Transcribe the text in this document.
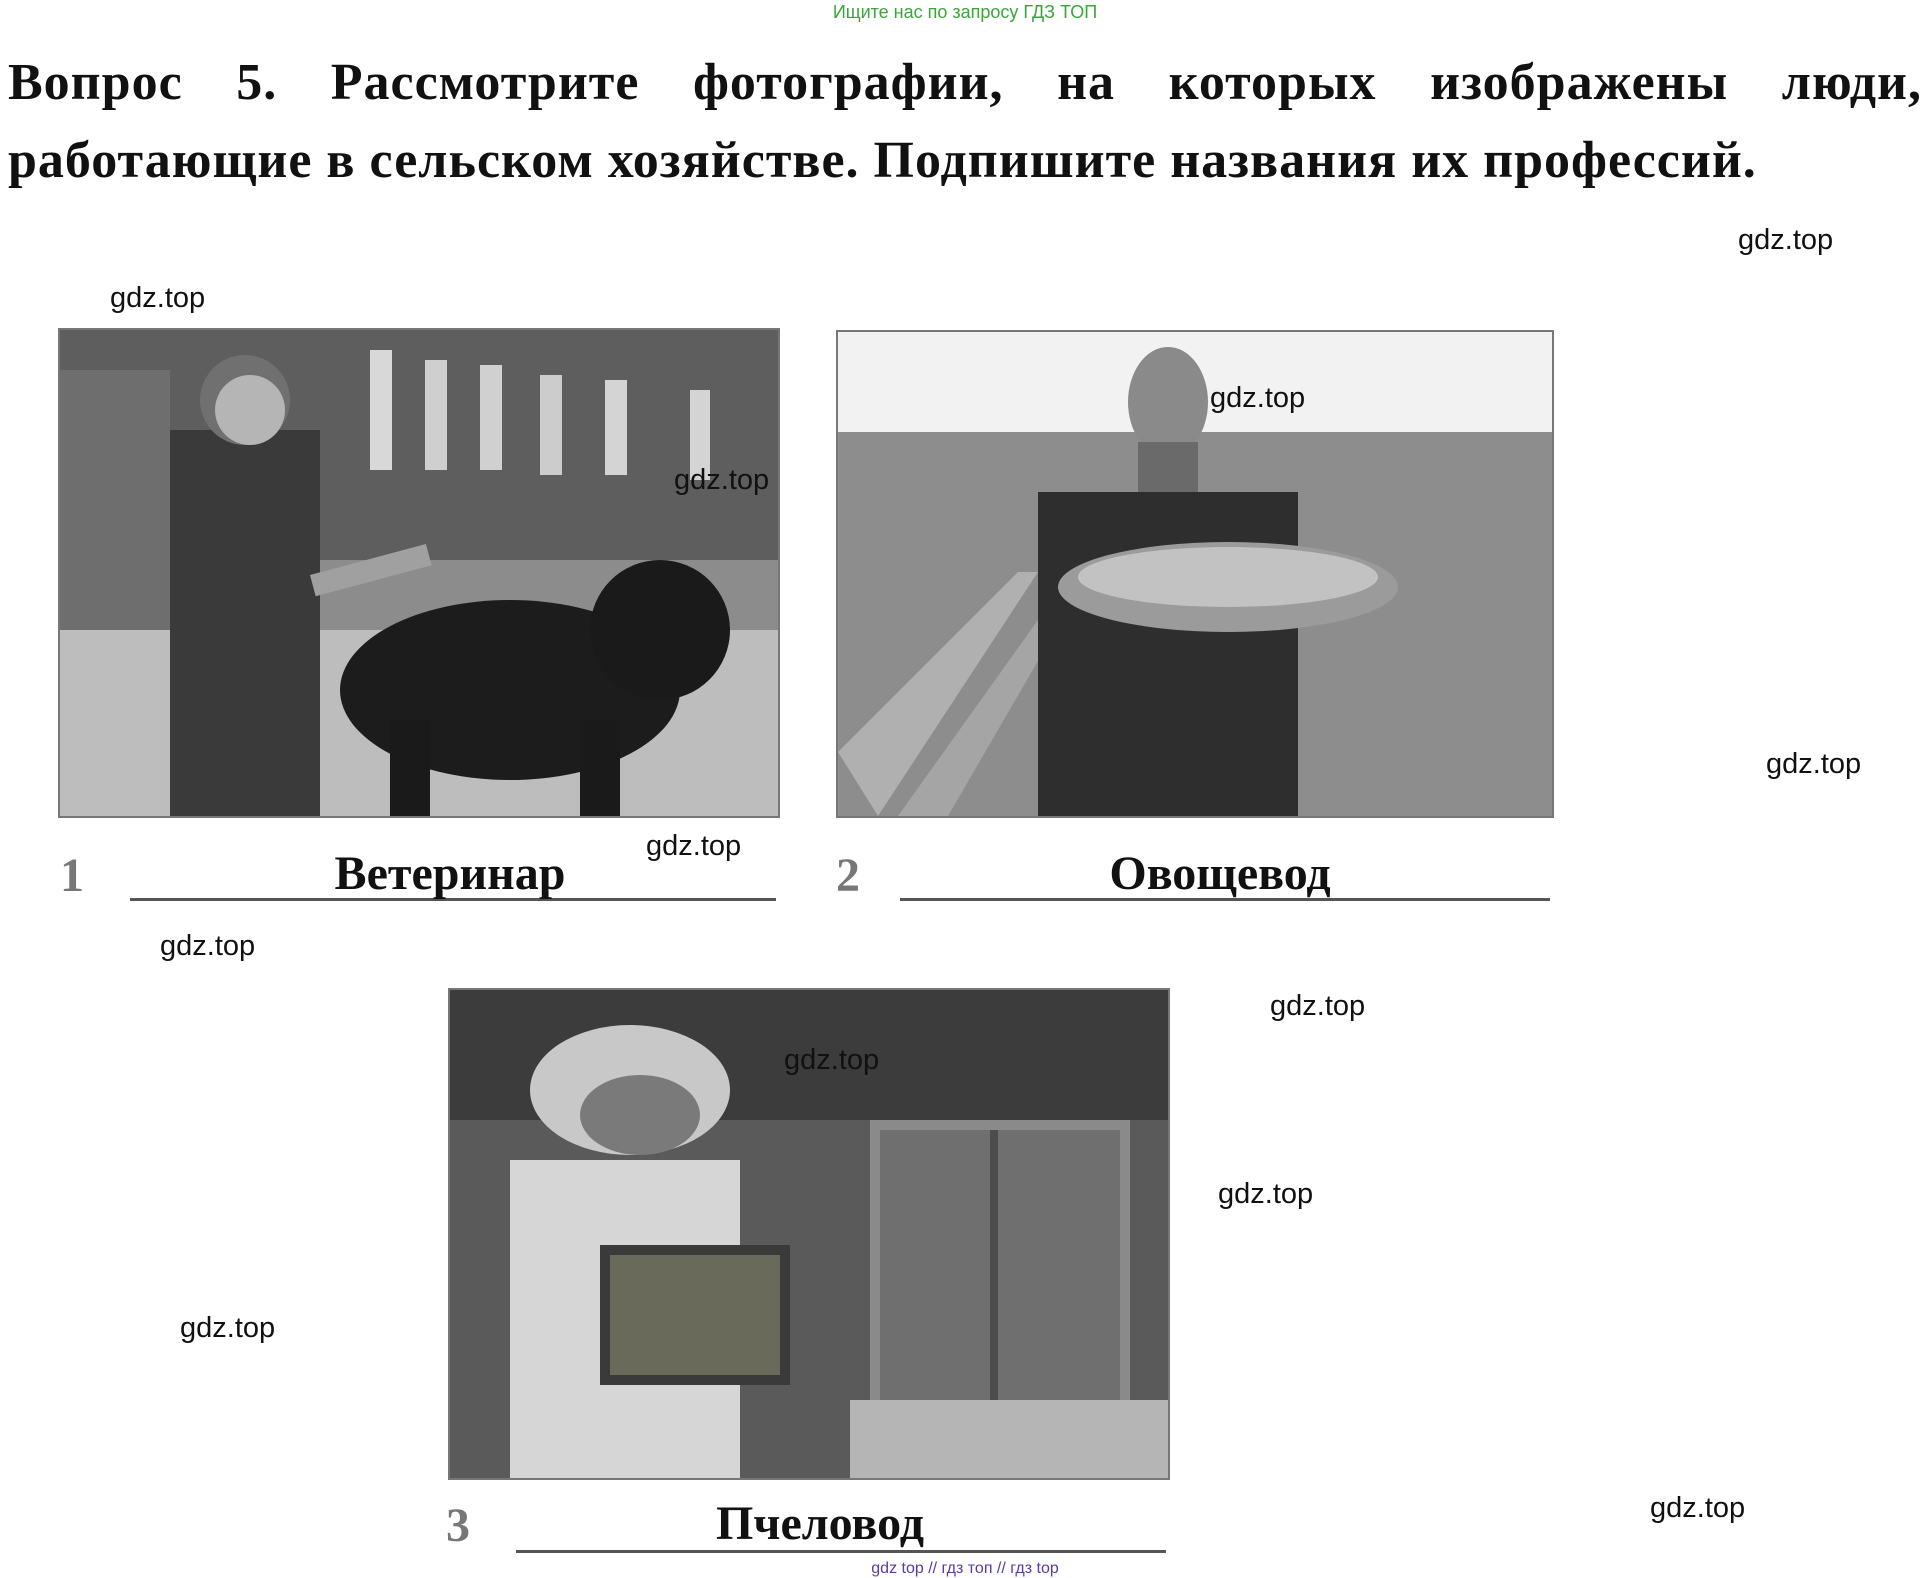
Ищите нас по запросу ГДЗ ТОП
Вопрос 5. Рассмотрите фотографии, на которых изображены люди, работающие в сельском хозяйстве. Подпишите названия их профессий.
1	Ветеринар	2	Овощевод
3	Пчеловод
gdz.top
gdz.top
gdz.top
gdz.top
gdz.top
gdz.top
gdz.top
gdz.top
gdz.top
gdz.top
gdz.top
gdz.top
gdz top // гдз топ // гдз top
